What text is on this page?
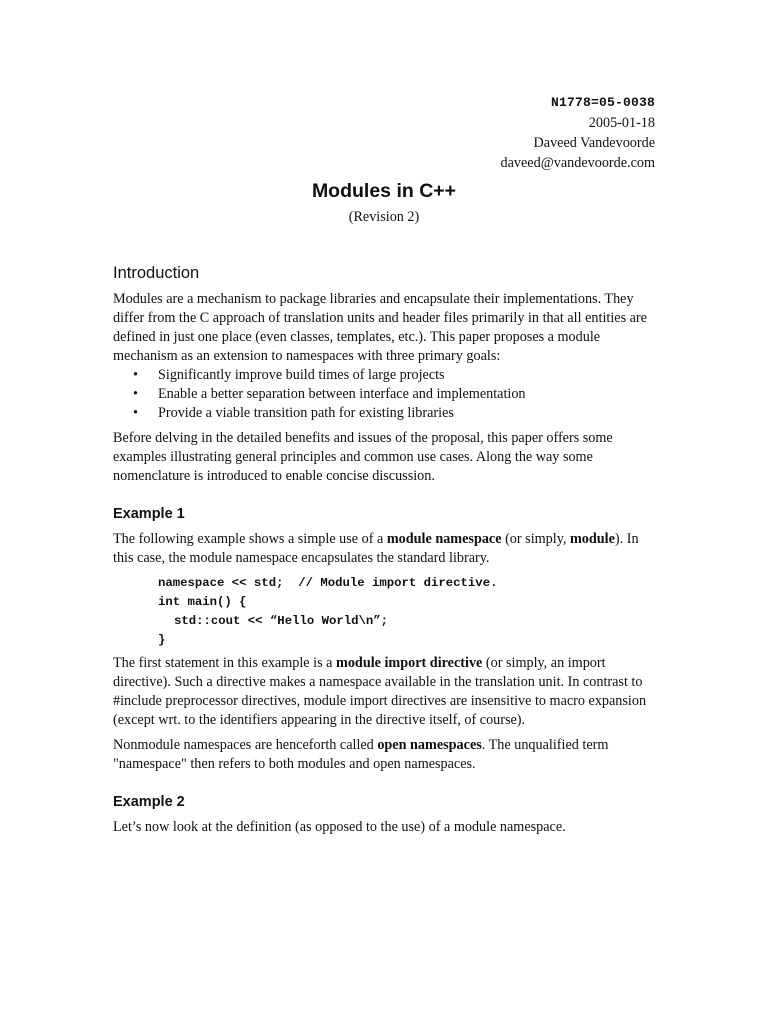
N1778=05-0038
2005-01-18
Daveed Vandevoorde
daveed@vandevoorde.com
Modules in C++
(Revision 2)
Introduction

Modules are a mechanism to package libraries and encapsulate their implementations. They differ from the C approach of translation units and header files primarily in that all entities are defined in just one place (even classes, templates, etc.). This paper proposes a module mechanism as an extension to namespaces with three primary goals:

• Significantly improve build times of large projects
• Enable a better separation between interface and implementation
• Provide a viable transition path for existing libraries

Before delving in the detailed benefits and issues of the proposal, this paper offers some examples illustrating general principles and common use cases. Along the way some nomenclature is introduced to enable concise discussion.

Example 1

The following example shows a simple use of a module namespace (or simply, module). In this case, the module namespace encapsulates the standard library.

namespace << std;  // Module import directive.
int main() {
std::cout << “Hello World\n”;
}

The first statement in this example is a module import directive (or simply, an import directive). Such a directive makes a namespace available in the translation unit. In contrast to #include preprocessor directives, module import directives are insensitive to macro expansion (except wrt. to the identifiers appearing in the directive itself, of course).

Nonmodule namespaces are henceforth called open namespaces. The unqualified term "namespace" then refers to both modules and open namespaces.

Example 2

Let’s now look at the definition (as opposed to the use) of a module namespace.
